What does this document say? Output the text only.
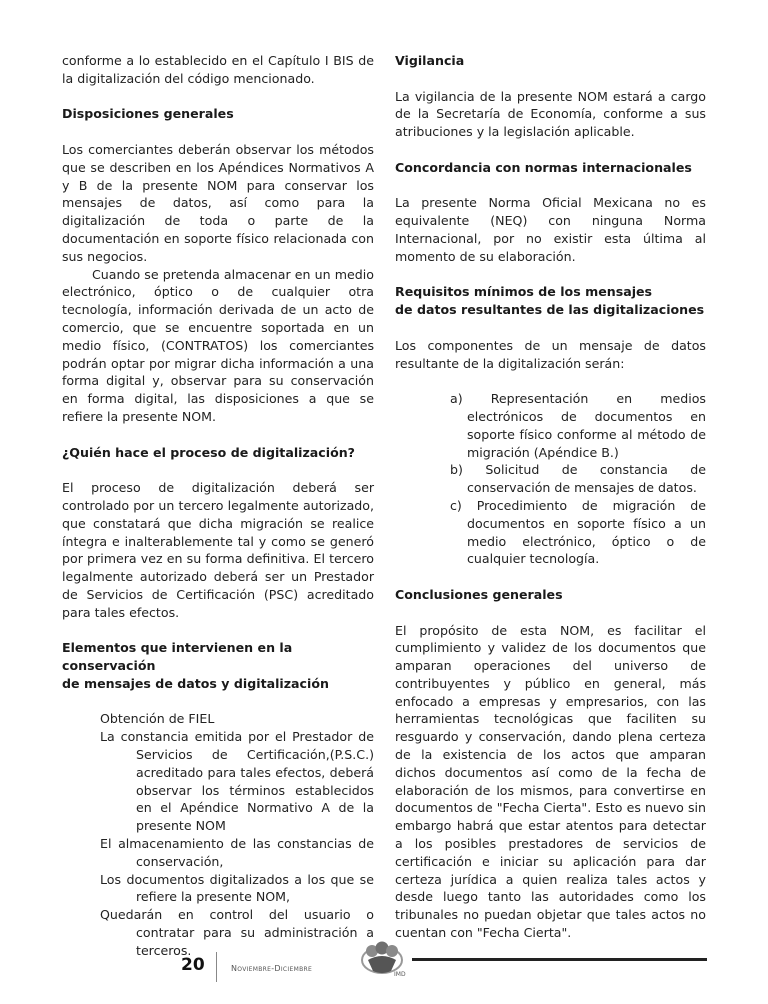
conforme a lo establecido en el Capítulo I BIS de la digitalización del código mencionado.

Disposiciones generales

Los comerciantes deberán observar los métodos que se describen en los Apéndices Normativos A y B de la presente NOM para conservar los mensajes de datos, así como para la digitalización de toda o parte de la documentación en soporte físico relacionada con sus negocios.

Cuando se pretenda almacenar en un medio electrónico, óptico o de cualquier otra tecnología, información derivada de un acto de comercio, que se encuentre soportada en un medio físico, (CONTRATOS) los comerciantes podrán optar por migrar dicha información a una forma digital y, observar para su conservación en forma digital, las disposiciones a que se refiere la presente NOM.

¿Quién hace el proceso de digitalización?

El proceso de digitalización deberá ser controlado por un tercero legalmente autorizado, que constatará que dicha migración se realice íntegra e inalterablemente tal y como se generó por primera vez en su forma definitiva. El tercero legalmente autorizado deberá ser un Prestador de Servicios de Certificación (PSC) acreditado para tales efectos.

Elementos que intervienen en la conservación
de mensajes de datos y digitalización
Obtención de FIEL
La constancia emitida por el Prestador de Servicios de Certificación,(P.S.C.) acreditado para tales efectos, deberá observar los términos establecidos en el Apéndice Normativo A de la presente NOM
El almacenamiento de las constancias de conservación,
Los documentos digitalizados a los que se refiere la presente NOM,
Quedarán en control del usuario o contratar para su administración a terceros.
Vigilancia

La vigilancia de la presente NOM estará a cargo de la Secretaría de Economía, conforme a sus atribuciones y la legislación aplicable.

Concordancia con normas internacionales

La presente Norma Oficial Mexicana no es equivalente (NEQ) con ninguna Norma Internacional, por no existir esta última al momento de su elaboración.

Requisitos mínimos de los mensajes
de datos resultantes de las digitalizaciones

Los componentes de un mensaje de datos resultante de la digitalización serán:

a) Representación en medios electrónicos de documentos en soporte físico conforme al método de migración (Apéndice B.)
b) Solicitud de constancia de conservación de mensajes de datos.
c) Procedimiento de migración de documentos en soporte físico a un medio electrónico, óptico o de cualquier tecnología.
Conclusiones generales

El propósito de esta NOM, es facilitar el cumplimiento y validez de los documentos que amparan operaciones del universo de contribuyentes y público en general, más enfocado a empresas y empresarios, con las herramientas tecnológicas que faciliten su resguardo y conservación, dando plena certeza de la existencia de los actos que amparan dichos documentos así como de la fecha de elaboración de los mismos, para convertirse en documentos de "Fecha Cierta". Esto es nuevo sin embargo habrá que estar atentos para detectar a los posibles prestadores de servicios de certificación e iniciar su aplicación para dar certeza jurídica a quien realiza tales actos y desde luego tanto las autoridades como los tribunales no puedan objetar que tales actos no cuentan con "Fecha Cierta".

20	Noviembre-Diciembre
IMD
